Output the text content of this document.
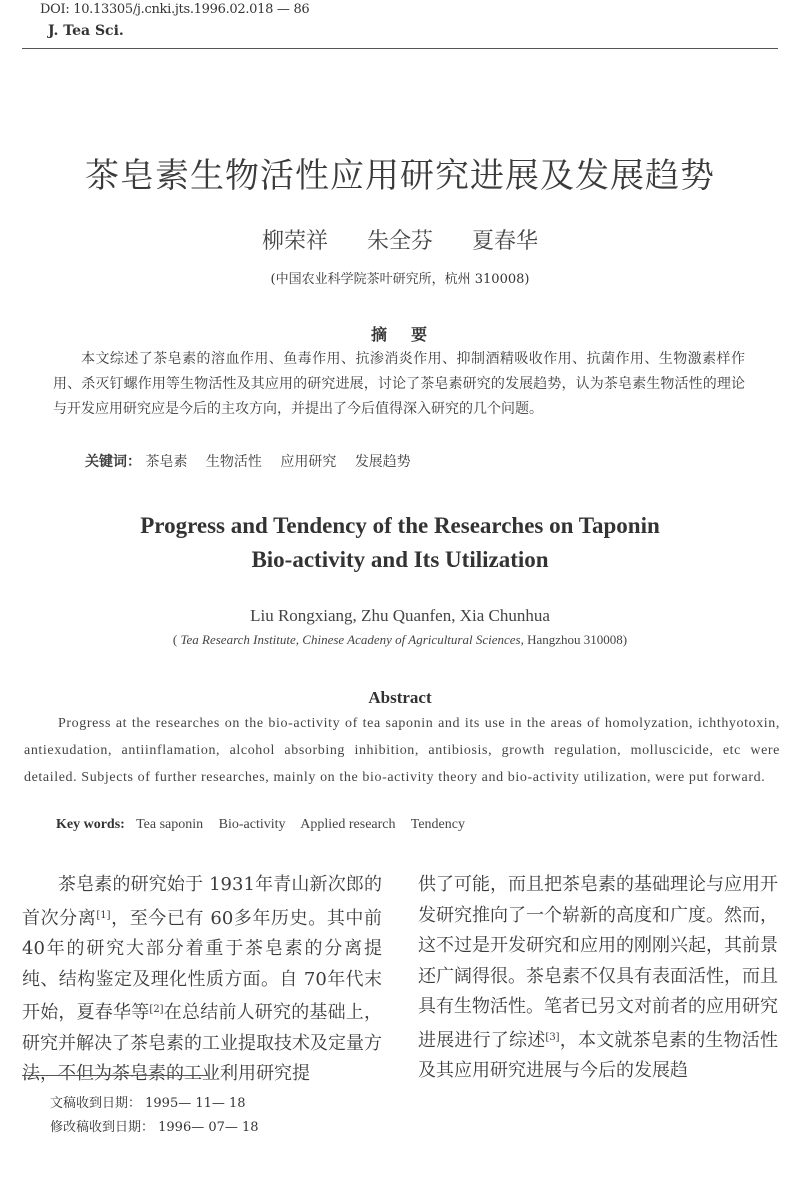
DOI: 10.13305/j.cnki.jts.1996.02.018 — 86
J. Tea Sci.
茶皂素生物活性应用研究进展及发展趋势
柳荣祥 朱全芬 夏春华
(中国农业科学院茶叶研究所，杭州 310008)
摘 要
本文综述了茶皂素的溶血作用、鱼毒作用、抗渗消炎作用、抑制酒精吸收作用、抗菌作用、生物激素样作用、杀灭钉螺作用等生物活性及其应用的研究进展，讨论了茶皂素研究的发展趋势，认为茶皂素生物活性的理论与开发应用研究应是今后的主攻方向，并提出了今后值得深入研究的几个问题。
关键词： 茶皂素 生物活性 应用研究 发展趋势
Progress and Tendency of the Researches on Taponin
Bio-activity and Its Utilization
Liu Rongxiang, Zhu Quanfen, Xia Chunhua
( Tea Research Institute, Chinese Acadeny of Agricultural Sciences, Hangzhou 310008)
Abstract
Progress at the researches on the bio-activity of tea saponin and its use in the areas of homolyzation, ichthyotoxin, antiexudation, antiinflamation, alcohol absorbing inhibition, antibiosis, growth regulation, molluscicide, etc were detailed. Subjects of further researches, mainly on the bio-activity theory and bio-activity utilization, were put forward.
Key words: Tea saponin Bio-activity Applied research Tendency
茶皂素的研究始于 1931年青山新次郎的首次分离[1]，至今已有 60多年历史。其中前 40年的研究大部分着重于茶皂素的分离提纯、结构鉴定及理化性质方面。自 70年代末开始，夏春华等[2]在总结前人研究的基础上，研究并解决了茶皂素的工业提取技术及定量方法，不但为茶皂素的工业利用研究提
供了可能，而且把茶皂素的基础理论与应用开发研究推向了一个崭新的高度和广度。然而，这不过是开发研究和应用的刚刚兴起，其前景还广阔得很。茶皂素不仅具有表面活性，而且具有生物活性。笔者已另文对前者的应用研究进展进行了综述[3]，本文就茶皂素的生物活性及其应用研究进展与今后的发展趋
文稿收到日期： 1995— 11— 18
修改稿收到日期： 1996— 07— 18
